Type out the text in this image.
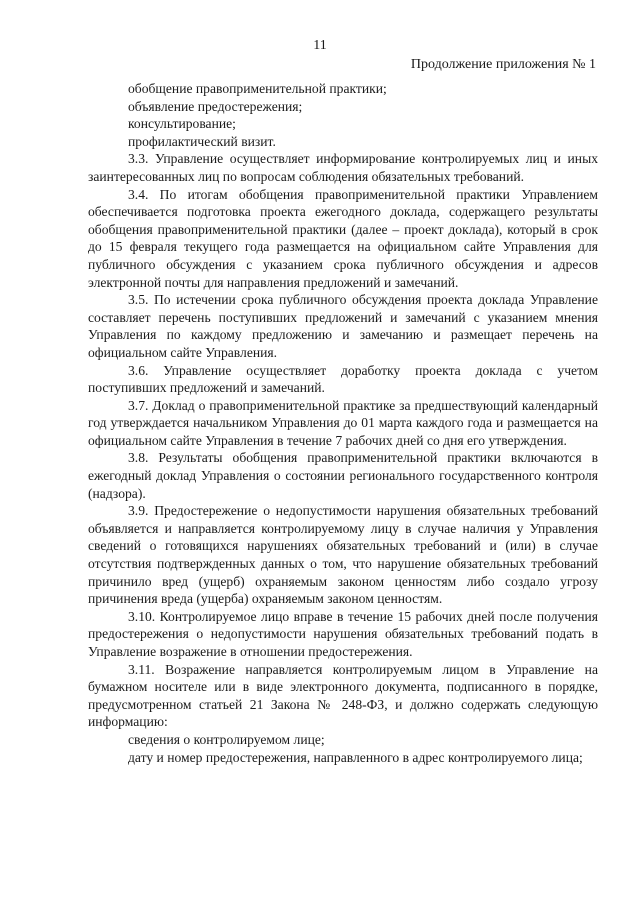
11
Продолжение приложения № 1

обобщение правоприменительной практики;

объявление предостережения;

консультирование;

профилактический визит.

3.3. Управление осуществляет информирование контролируемых лиц и иных заинтересованных лиц по вопросам соблюдения обязательных требований.

3.4. По итогам обобщения правоприменительной практики Управлением обеспечивается подготовка проекта ежегодного доклада, содержащего результаты обобщения правоприменительной практики (далее – проект доклада), который в срок до 15 февраля текущего года размещается на официальном сайте Управления для публичного обсуждения с указанием срока публичного обсуждения и адресов электронной почты для направления предложений и замечаний.

3.5. По истечении срока публичного обсуждения проекта доклада Управление составляет перечень поступивших предложений и замечаний с указанием мнения Управления по каждому предложению и замечанию и размещает перечень на официальном сайте Управления.

3.6. Управление осуществляет доработку проекта доклада с учетом поступивших предложений и замечаний.

3.7. Доклад о правоприменительной практике за предшествующий календарный год утверждается начальником Управления до 01 марта каждого года и размещается на официальном сайте Управления в течение 7 рабочих дней со дня его утверждения.

3.8. Результаты обобщения правоприменительной практики включаются в ежегодный доклад Управления о состоянии регионального государственного контроля (надзора).

3.9. Предостережение о недопустимости нарушения обязательных требований объявляется и направляется контролируемому лицу в случае наличия у Управления сведений о готовящихся нарушениях обязательных требований и (или) в случае отсутствия подтвержденных данных о том, что нарушение обязательных требований причинило вред (ущерб) охраняемым законом ценностям либо создало угрозу причинения вреда (ущерба) охраняемым законом ценностям.

3.10. Контролируемое лицо вправе в течение 15 рабочих дней после получения предостережения о недопустимости нарушения обязательных требований подать в Управление возражение в отношении предостережения.

3.11. Возражение направляется контролируемым лицом в Управление на бумажном носителе или в виде электронного документа, подписанного в порядке, предусмотренном статьей 21 Закона № 248-ФЗ, и должно содержать следующую информацию:

сведения о контролируемом лице;

дату и номер предостережения, направленного в адрес контролируемого лица;
